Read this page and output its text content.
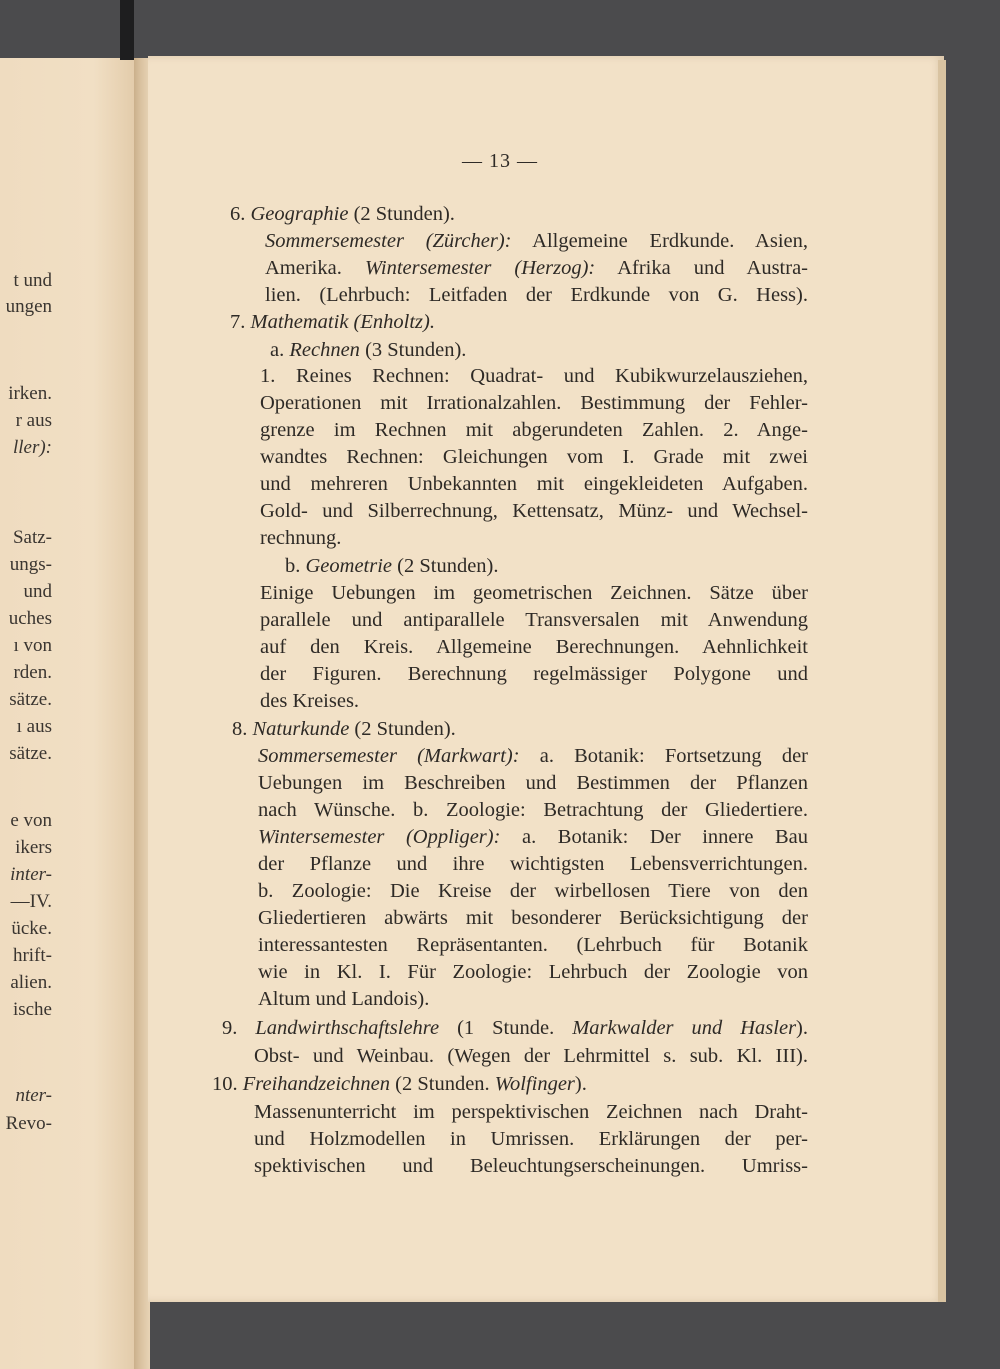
t und
ungen
irken.
r aus
ller):
Satz-
ungs-
und
uches
ı von
rden.
sätze.
ı aus
sätze.
e von
ikers
inter-
—IV.
ücke.
hrift-
alien.
ische
nter-
Revo-
— 13 —
6. Geographie (2 Stunden).
Sommersemester (Zürcher): Allgemeine Erdkunde. Asien,
Amerika. Wintersemester (Herzog): Afrika und Austra-
lien. (Lehrbuch: Leitfaden der Erdkunde von G. Hess).
7. Mathematik (Enholtz).
a. Rechnen (3 Stunden).
1. Reines Rechnen: Quadrat- und Kubikwurzelausziehen,
Operationen mit Irrationalzahlen. Bestimmung der Fehler-
grenze im Rechnen mit abgerundeten Zahlen. 2. Ange-
wandtes Rechnen: Gleichungen vom I. Grade mit zwei
und mehreren Unbekannten mit eingekleideten Aufgaben.
Gold- und Silberrechnung, Kettensatz, Münz- und Wechsel-
rechnung.
b. Geometrie (2 Stunden).
Einige Uebungen im geometrischen Zeichnen. Sätze über
parallele und antiparallele Transversalen mit Anwendung
auf den Kreis. Allgemeine Berechnungen. Aehnlichkeit
der Figuren. Berechnung regelmässiger Polygone und
des Kreises.
8. Naturkunde (2 Stunden).
Sommersemester (Markwart): a. Botanik: Fortsetzung der
Uebungen im Beschreiben und Bestimmen der Pflanzen
nach Wünsche. b. Zoologie: Betrachtung der Gliedertiere.
Wintersemester (Oppliger): a. Botanik: Der innere Bau
der Pflanze und ihre wichtigsten Lebensverrichtungen.
b. Zoologie: Die Kreise der wirbellosen Tiere von den
Gliedertieren abwärts mit besonderer Berücksichtigung der
interessantesten Repräsentanten. (Lehrbuch für Botanik
wie in Kl. I. Für Zoologie: Lehrbuch der Zoologie von
Altum und Landois).
9. Landwirthschaftslehre (1 Stunde. Markwalder und Hasler).
Obst- und Weinbau. (Wegen der Lehrmittel s. sub. Kl. III).
10. Freihandzeichnen (2 Stunden. Wolfinger).
Massenunterricht im perspektivischen Zeichnen nach Draht-
und Holzmodellen in Umrissen. Erklärungen der per-
spektivischen und Beleuchtungserscheinungen. Umriss-
